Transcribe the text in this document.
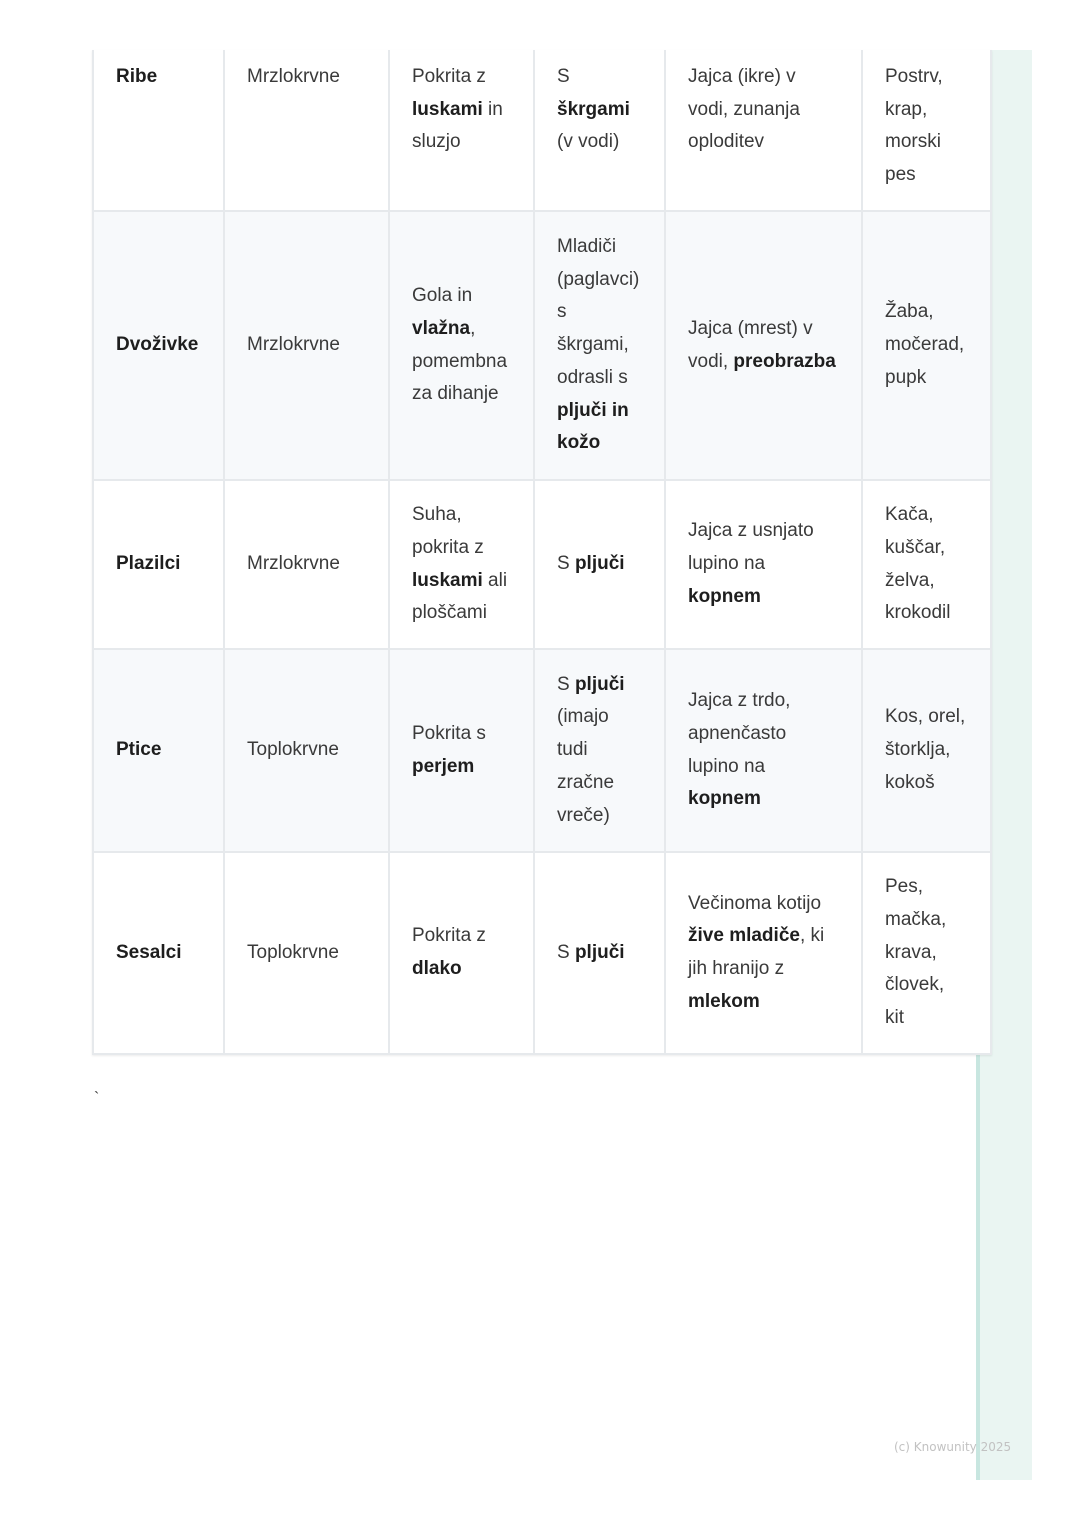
Ribe	Mrzlokrvne	Pokrita z luskami in sluzjo	S škrgami (v vodi)	Jajca (ikre) v vodi, zunanja oploditev	Postrv, krap, morski pes
Dvoživke	Mrzlokrvne	Gola in vlažna, pomembna za dihanje	Mladiči (paglavci) s škrgami, odrasli s pljuči in kožo	Jajca (mrest) v vodi, preobrazba	Žaba, močerad, pupk
Plazilci	Mrzlokrvne	Suha, pokrita z luskami ali ploščami	S pljuči	Jajca z usnjato lupino na kopnem	Kača, kuščar, želva, krokodil
Ptice	Toplokrvne	Pokrita s perjem	S pljuči (imajo tudi zračne vreče)	Jajca z trdo, apnenčasto lupino na kopnem	Kos, orel, štorklja, kokoš
Sesalci	Toplokrvne	Pokrita z dlako	S pljuči	Večinoma kotijo žive mladiče, ki jih hranijo z mlekom	Pes, mačka, krava, človek, kit
`
(c) Knowunity 2025
